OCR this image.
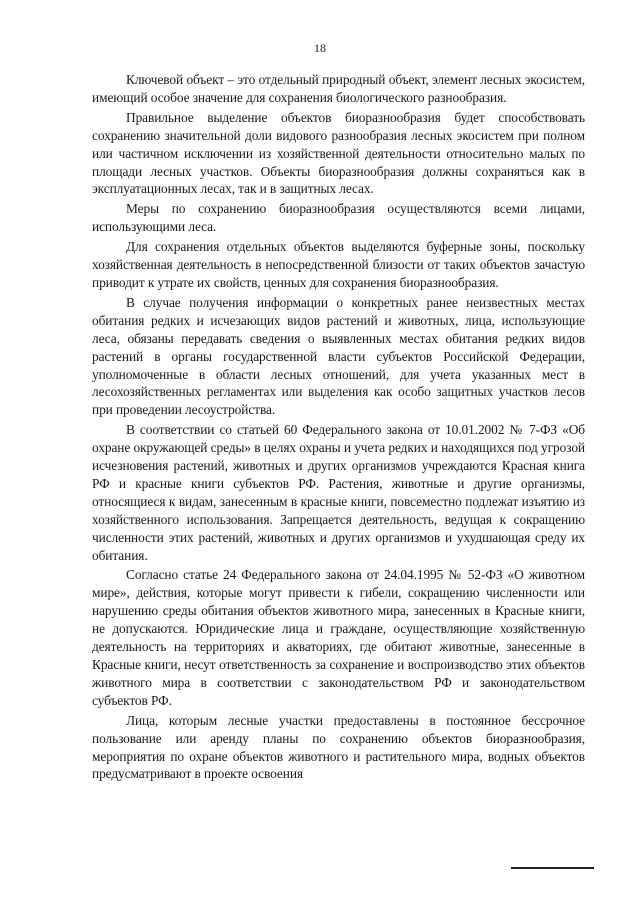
18

Ключевой объект – это отдельный природный объект, элемент лесных экосистем, имеющий особое значение для сохранения биологического разнообразия.

Правильное выделение объектов биоразнообразия будет способствовать сохранению значительной доли видового разнообразия лесных экосистем при полном или частичном исключении из хозяйственной деятельности относительно малых по площади лесных участков. Объекты биоразнообразия должны сохраняться как в эксплуатационных лесах, так и в защитных лесах.

Меры по сохранению биоразнообразия осуществляются всеми лицами, использующими леса.

Для сохранения отдельных объектов выделяются буферные зоны, поскольку хозяйственная деятельность в непосредственной близости от таких объектов зачастую приводит к утрате их свойств, ценных для сохранения биоразнообразия.

В случае получения информации о конкретных ранее неизвестных местах обитания редких и исчезающих видов растений и животных, лица, использующие леса, обязаны передавать сведения о выявленных местах обитания редких видов растений в органы государственной власти субъектов Российской Федерации, уполномоченные в области лесных отношений, для учета указанных мест в лесохозяйственных регламентах или выделения как особо защитных участков лесов при проведении лесоустройства.

В соответствии со статьей 60 Федерального закона от 10.01.2002 № 7-ФЗ «Об охране окружающей среды» в целях охраны и учета редких и находящихся под угрозой исчезновения растений, животных и других организмов учреждаются Красная книга РФ и красные книги субъектов РФ. Растения, животные и другие организмы, относящиеся к видам, занесенным в красные книги, повсеместно подлежат изъятию из хозяйственного использования. Запрещается деятельность, ведущая к сокращению численности этих растений, животных и других организмов и ухудшающая среду их обитания.

Согласно статье 24 Федерального закона от 24.04.1995 № 52-ФЗ «О животном мире», действия, которые могут привести к гибели, сокращению численности или нарушению среды обитания объектов животного мира, занесенных в Красные книги, не допускаются. Юридические лица и граждане, осуществляющие хозяйственную деятельность на территориях и акваториях, где обитают животные, занесенные в Красные книги, несут ответственность за сохранение и воспроизводство этих объектов животного мира в соответствии с законодательством РФ и законодательством субъектов РФ.

Лица, которым лесные участки предоставлены в постоянное бессрочное пользование или аренду планы по сохранению объектов биоразнообразия, мероприятия по охране объектов животного и растительного мира, водных объектов предусматривают в проекте освоения
